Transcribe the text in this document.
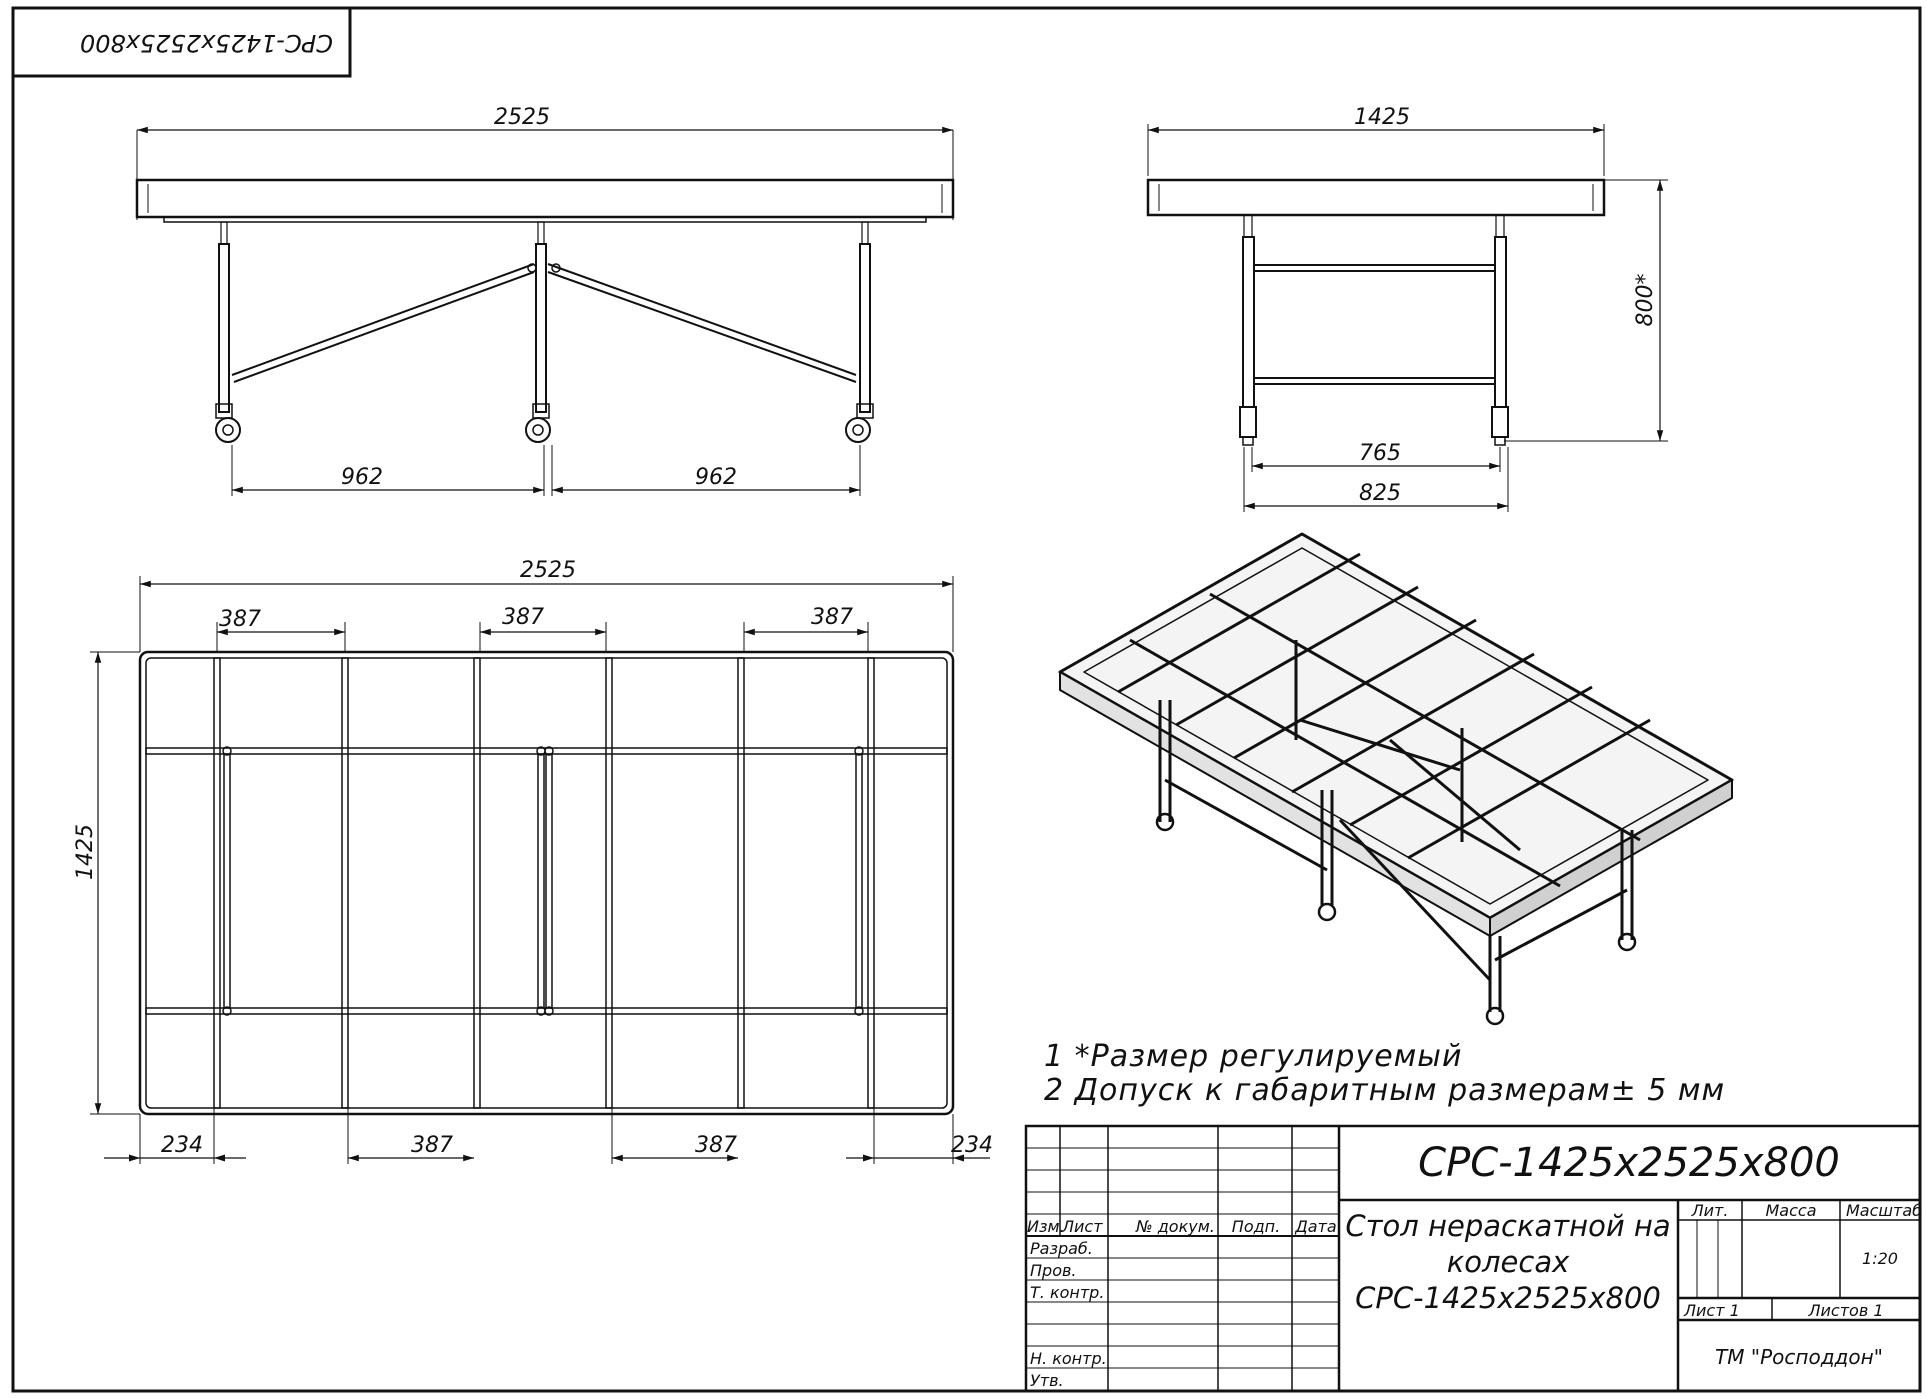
СРС-1425х2525х800
2525
962	962
1425
800*
765
825
2525
1425
387	387	387
234	387	387	234
1 *Размер регулируемый
2 Допуск к габаритным размерам± 5 мм
Изм.
Лист № докум. Подп. Дата
Разраб.
Пров.
Т. контр.
Н. контр.
Утв.
СРС-1425х2525х800
Стол нераскатной на
колесах
СРС-1425х2525х800
Лит. Масса Масштаб
1:20
Лист 1	Листов 1
ТМ "Росподдон"
